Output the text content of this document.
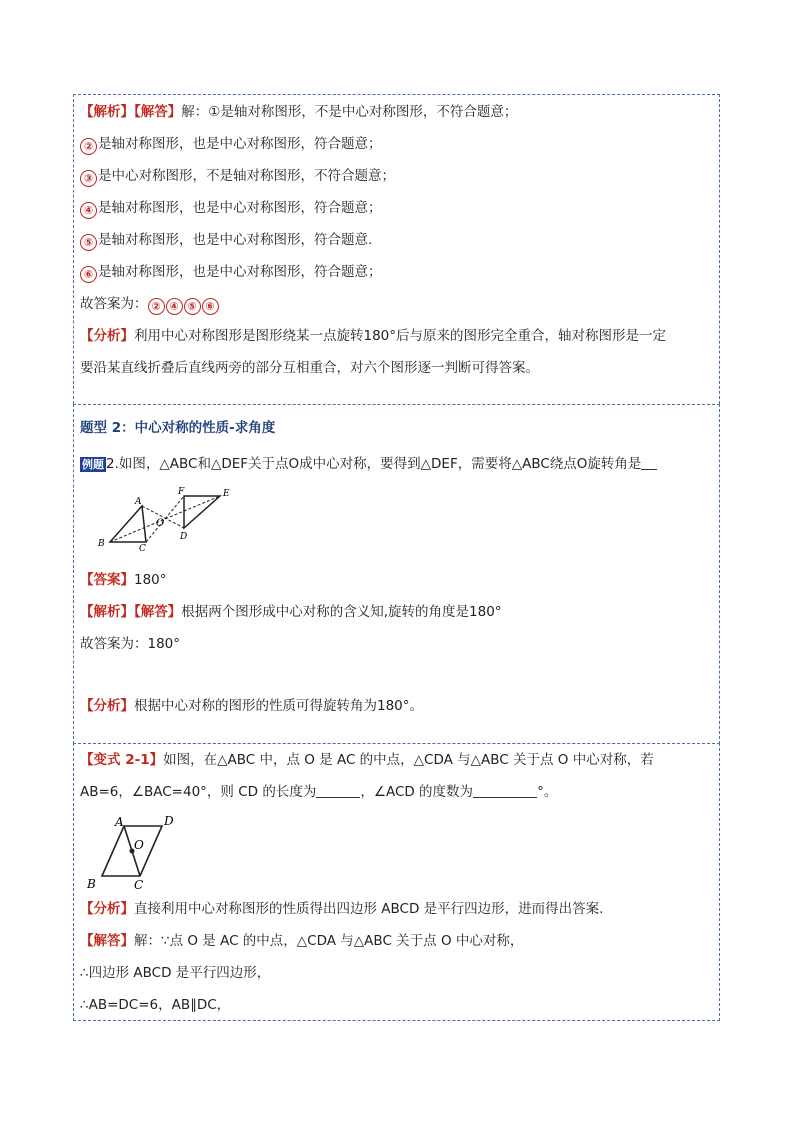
【解析】【解答】解：①是轴对称图形，不是中心对称图形，不符合题意；
② 是轴对称图形，也是中心对称图形，符合题意；
③ 是中心对称图形，不是轴对称图形，不符合题意；
④ 是轴对称图形，也是中心对称图形，符合题意；
⑤ 是轴对称图形，也是中心对称图形，符合题意.
⑥ 是轴对称图形，也是中心对称图形，符合题意；
故答案为： ② ④ ⑤ ⑥
【分析】利用中心对称图形是图形绕某一点旋转180°后与原来的图形完全重合，轴对称图形是一定
要沿某直线折叠后直线两旁的部分互相重合，对六个图形逐一判断可得答案。
题型 2：中心对称的性质-求角度
例题 2.如图，△ABC和△DEF关于点O成中心对称，要得到△DEF，需要将△ABC绕点O旋转角是
A
B	C
D
E
F
O
【答案】180°
【解析】【解答】根据两个图形成中心对称的含义知,旋转的角度是180°
故答案为：180°
【分析】根据中心对称的图形的性质可得旋转角为180°。
【变式 2-1】如图，在△ABC 中，点 O 是 AC 的中点，△CDA 与△ABC 关于点 O 中心对称，若
AB=6，∠BAC=40°，则 CD 的长度为	，∠ACD 的度数为	°。
A	D
O
B	C
【分析】直接利用中心对称图形的性质得出四边形 ABCD 是平行四边形，进而得出答案.
【解答】解：∵点 O 是 AC 的中点，△CDA 与△ABC 关于点 O 中心对称，
∴四边形 ABCD 是平行四边形，
∴AB=DC=6，AB∥DC，
